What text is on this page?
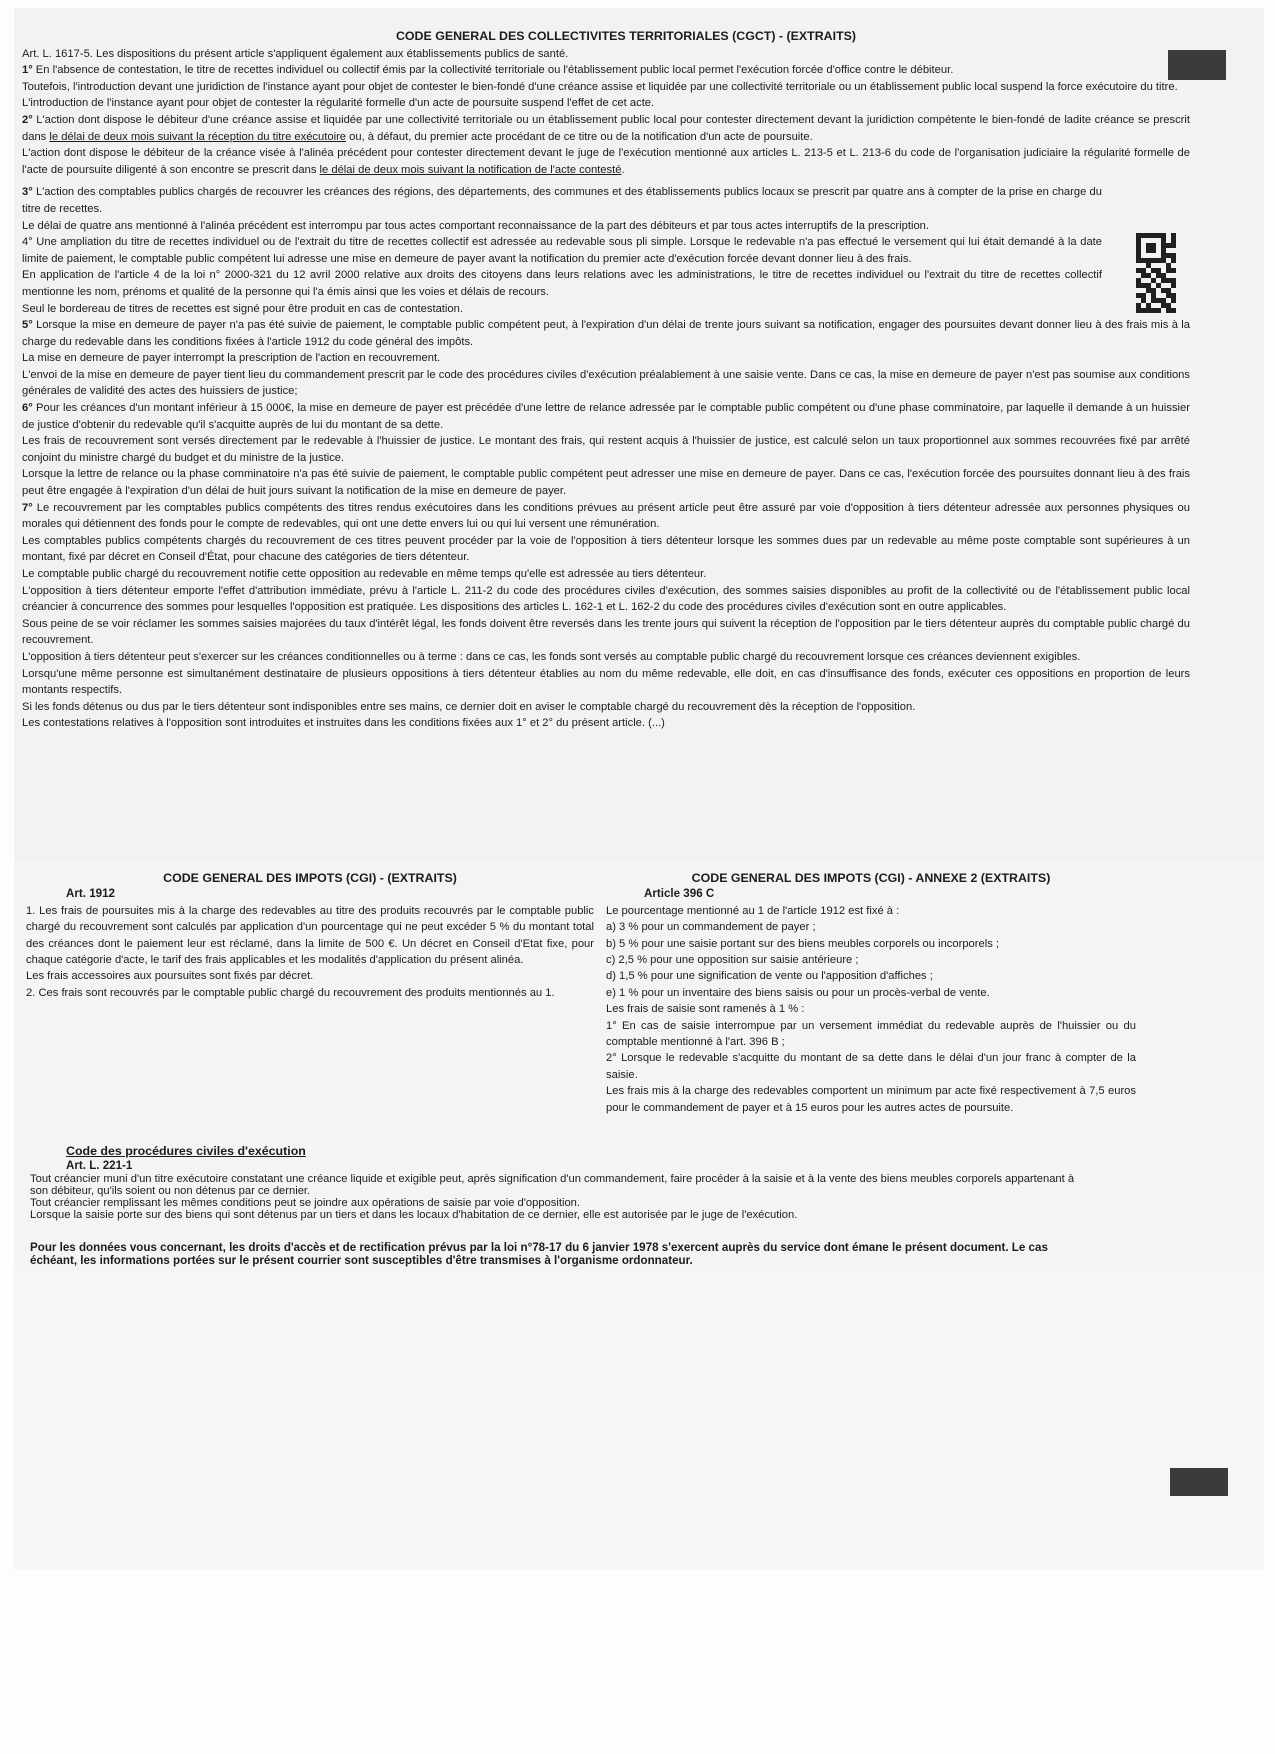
CODE GENERAL DES COLLECTIVITES TERRITORIALES (CGCT) - (EXTRAITS)

Art. L. 1617-5. Les dispositions du présent article s'appliquent également aux établissements publics de santé.

1° En l'absence de contestation, le titre de recettes individuel ou collectif émis par la collectivité territoriale ou l'établissement public local permet l'exécution forcée d'office contre le débiteur.

Toutefois, l'introduction devant une juridiction de l'instance ayant pour objet de contester le bien-fondé d'une créance assise et liquidée par une collectivité territoriale ou un établissement public local suspend la force exécutoire du titre.

L'introduction de l'instance ayant pour objet de contester la régularité formelle d'un acte de poursuite suspend l'effet de cet acte.

2° L'action dont dispose le débiteur d'une créance assise et liquidée par une collectivité territoriale ou un établissement public local pour contester directement devant la juridiction compétente le bien-fondé de ladite créance se prescrit dans le délai de deux mois suivant la réception du titre exécutoire ou, à défaut, du premier acte procédant de ce titre ou de la notification d'un acte de poursuite.

L'action dont dispose le débiteur de la créance visée à l'alinéa précédent pour contester directement devant le juge de l'exécution mentionné aux articles L. 213-5 et L. 213-6 du code de l'organisation judiciaire la régularité formelle de l'acte de poursuite diligenté à son encontre se prescrit dans le délai de deux mois suivant la notification de l'acte contesté.

3° L'action des comptables publics chargés de recouvrer les créances des régions, des départements, des communes et des établissements publics locaux se prescrit par quatre ans à compter de la prise en charge du titre de recettes.

Le délai de quatre ans mentionné à l'alinéa précédent est interrompu par tous actes comportant reconnaissance de la part des débiteurs et par tous actes interruptifs de la prescription.

4° Une ampliation du titre de recettes individuel ou de l'extrait du titre de recettes collectif est adressée au redevable sous pli simple. Lorsque le redevable n'a pas effectué le versement qui lui était demandé à la date limite de paiement, le comptable public compétent lui adresse une mise en demeure de payer avant la notification du premier acte d'exécution forcée devant donner lieu à des frais.

En application de l'article 4 de la loi n° 2000-321 du 12 avril 2000 relative aux droits des citoyens dans leurs relations avec les administrations, le titre de recettes individuel ou l'extrait du titre de recettes collectif mentionne les nom, prénoms et qualité de la personne qui l'a émis ainsi que les voies et délais de recours.

Seul le bordereau de titres de recettes est signé pour être produit en cas de contestation.

5° Lorsque la mise en demeure de payer n'a pas été suivie de paiement, le comptable public compétent peut, à l'expiration d'un délai de trente jours suivant sa notification, engager des poursuites devant donner lieu à des frais mis à la charge du redevable dans les conditions fixées à l'article 1912 du code général des impôts.

La mise en demeure de payer interrompt la prescription de l'action en recouvrement.

L'envoi de la mise en demeure de payer tient lieu du commandement prescrit par le code des procédures civiles d'exécution préalablement à une saisie vente. Dans ce cas, la mise en demeure de payer n'est pas soumise aux conditions générales de validité des actes des huissiers de justice;

6° Pour les créances d'un montant inférieur à 15 000€, la mise en demeure de payer est précédée d'une lettre de relance adressée par le comptable public compétent ou d'une phase comminatoire, par laquelle il demande à un huissier de justice d'obtenir du redevable qu'il s'acquitte auprès de lui du montant de sa dette.

Les frais de recouvrement sont versés directement par le redevable à l'huissier de justice. Le montant des frais, qui restent acquis à l'huissier de justice, est calculé selon un taux proportionnel aux sommes recouvrées fixé par arrêté conjoint du ministre chargé du budget et du ministre de la justice.

Lorsque la lettre de relance ou la phase comminatoire n'a pas été suivie de paiement, le comptable public compétent peut adresser une mise en demeure de payer. Dans ce cas, l'exécution forcée des poursuites donnant lieu à des frais peut être engagée à l'expiration d'un délai de huit jours suivant la notification de la mise en demeure de payer.

7° Le recouvrement par les comptables publics compétents des titres rendus exécutoires dans les conditions prévues au présent article peut être assuré par voie d'opposition à tiers détenteur adressée aux personnes physiques ou morales qui détiennent des fonds pour le compte de redevables, qui ont une dette envers lui ou qui lui versent une rémunération.

Les comptables publics compétents chargés du recouvrement de ces titres peuvent procéder par la voie de l'opposition à tiers détenteur lorsque les sommes dues par un redevable au même poste comptable sont supérieures à un montant, fixé par décret en Conseil d'État, pour chacune des catégories de tiers détenteur.

Le comptable public chargé du recouvrement notifie cette opposition au redevable en même temps qu'elle est adressée au tiers détenteur.

L'opposition à tiers détenteur emporte l'effet d'attribution immédiate, prévu à l'article L. 211-2 du code des procédures civiles d'exécution, des sommes saisies disponibles au profit de la collectivité ou de l'établissement public local créancier à concurrence des sommes pour lesquelles l'opposition est pratiquée. Les dispositions des articles L. 162-1 et L. 162-2 du code des procédures civiles d'exécution sont en outre applicables.

Sous peine de se voir réclamer les sommes saisies majorées du taux d'intérêt légal, les fonds doivent être reversés dans les trente jours qui suivent la réception de l'opposition par le tiers détenteur auprès du comptable public chargé du recouvrement.

L'opposition à tiers détenteur peut s'exercer sur les créances conditionnelles ou à terme : dans ce cas, les fonds sont versés au comptable public chargé du recouvrement lorsque ces créances deviennent exigibles.

Lorsqu'une même personne est simultanément destinataire de plusieurs oppositions à tiers détenteur établies au nom du même redevable, elle doit, en cas d'insuffisance des fonds, exécuter ces oppositions en proportion de leurs montants respectifs.

Si les fonds détenus ou dus par le tiers détenteur sont indisponibles entre ses mains, ce dernier doit en aviser le comptable chargé du recouvrement dès la réception de l'opposition.

Les contestations relatives à l'opposition sont introduites et instruites dans les conditions fixées aux 1° et 2° du présent article. (...)

CODE GENERAL DES IMPOTS (CGI) - (EXTRAITS)
Art. 1912

1. Les frais de poursuites mis à la charge des redevables au titre des produits recouvrés par le comptable public chargé du recouvrement sont calculés par application d'un pourcentage qui ne peut excéder 5 % du montant total des créances dont le paiement leur est réclamé, dans la limite de 500 €. Un décret en Conseil d'Etat fixe, pour chaque catégorie d'acte, le tarif des frais applicables et les modalités d'application du présent alinéa.

Les frais accessoires aux poursuites sont fixés par décret.

2. Ces frais sont recouvrés par le comptable public chargé du recouvrement des produits mentionnés au 1.

CODE GENERAL DES IMPOTS (CGI) - ANNEXE 2 (EXTRAITS)
Article 396 C

Le pourcentage mentionné au 1 de l'article 1912 est fixé à :

a) 3 % pour un commandement de payer ;

b) 5 % pour une saisie portant sur des biens meubles corporels ou incorporels ;

c) 2,5 % pour une opposition sur saisie antérieure ;

d) 1,5 % pour une signification de vente ou l'apposition d'affiches ;

e) 1 % pour un inventaire des biens saisis ou pour un procès-verbal de vente.

Les frais de saisie sont ramenés à 1 % :

1° En cas de saisie interrompue par un versement immédiat du redevable auprès de l'huissier ou du comptable mentionné à l'art. 396 B ;

2° Lorsque le redevable s'acquitte du montant de sa dette dans le délai d'un jour franc à compter de la saisie.

Les frais mis à la charge des redevables comportent un minimum par acte fixé respectivement à 7,5 euros pour le commandement de payer et à 15 euros pour les autres actes de poursuite.

Code des procédures civiles d'exécution
Art. L. 221-1

Tout créancier muni d'un titre exécutoire constatant une créance liquide et exigible peut, après signification d'un commandement, faire procéder à la saisie et à la vente des biens meubles corporels appartenant à son débiteur, qu'ils soient ou non détenus par ce dernier.

Tout créancier remplissant les mêmes conditions peut se joindre aux opérations de saisie par voie d'opposition.

Lorsque la saisie porte sur des biens qui sont détenus par un tiers et dans les locaux d'habitation de ce dernier, elle est autorisée par le juge de l'exécution.

Pour les données vous concernant, les droits d'accès et de rectification prévus par la loi n°78-17 du 6 janvier 1978 s'exercent auprès du service dont émane le présent document. Le cas échéant, les informations portées sur le présent courrier sont susceptibles d'être transmises à l'organisme ordonnateur.
